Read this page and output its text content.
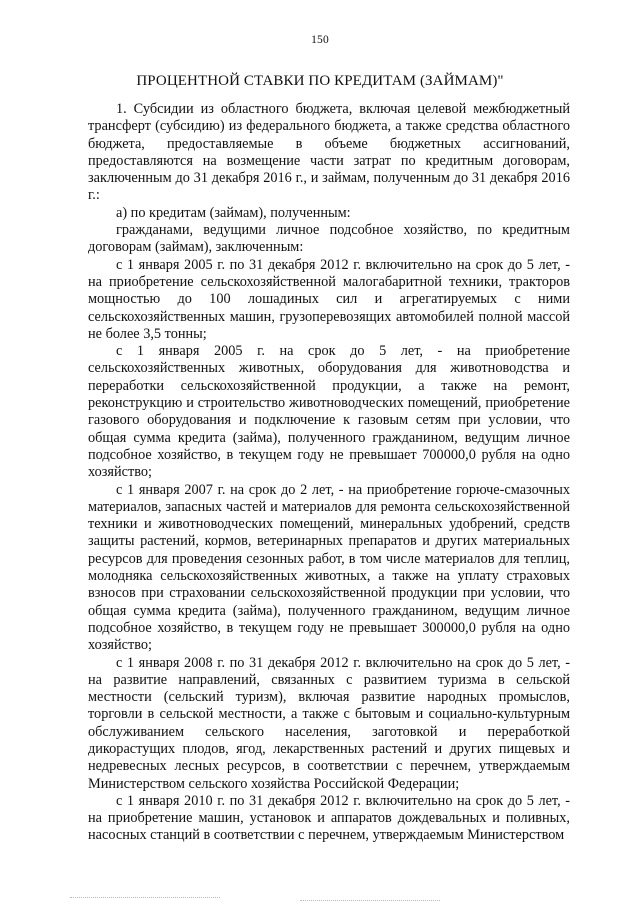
150
ПРОЦЕНТНОЙ СТАВКИ ПО КРЕДИТАМ (ЗАЙМАМ)"

1. Субсидии из областного бюджета, включая целевой межбюджетный трансферт (субсидию) из федерального бюджета, а также средства областного бюджета, предоставляемые в объеме бюджетных ассигнований, предоставляются на возмещение части затрат по кредитным договорам, заключенным до 31 декабря 2016 г., и займам, полученным до 31 декабря 2016 г.:

а) по кредитам (займам), полученным:

гражданами, ведущими личное подсобное хозяйство, по кредитным договорам (займам), заключенным:

с 1 января 2005 г. по 31 декабря 2012 г. включительно на срок до 5 лет, - на приобретение сельскохозяйственной малогабаритной техники, тракторов мощностью до 100 лошадиных сил и агрегатируемых с ними сельскохозяйственных машин, грузоперевозящих автомобилей полной массой не более 3,5 тонны;

с 1 января 2005 г. на срок до 5 лет, - на приобретение сельскохозяйственных животных, оборудования для животноводства и переработки сельскохозяйственной продукции, а также на ремонт, реконструкцию и строительство животноводческих помещений, приобретение газового оборудования и подключение к газовым сетям при условии, что общая сумма кредита (займа), полученного гражданином, ведущим личное подсобное хозяйство, в текущем году не превышает 700000,0 рубля на одно хозяйство;

с 1 января 2007 г. на срок до 2 лет, - на приобретение горюче-смазочных материалов, запасных частей и материалов для ремонта сельскохозяйственной техники и животноводческих помещений, минеральных удобрений, средств защиты растений, кормов, ветеринарных препаратов и других материальных ресурсов для проведения сезонных работ, в том числе материалов для теплиц, молодняка сельскохозяйственных животных, а также на уплату страховых взносов при страховании сельскохозяйственной продукции при условии, что общая сумма кредита (займа), полученного гражданином, ведущим личное подсобное хозяйство, в текущем году не превышает 300000,0 рубля на одно хозяйство;

с 1 января 2008 г. по 31 декабря 2012 г. включительно на срок до 5 лет, - на развитие направлений, связанных с развитием туризма в сельской местности (сельский туризм), включая развитие народных промыслов, торговли в сельской местности, а также с бытовым и социально-культурным обслуживанием сельского населения, заготовкой и переработкой дикорастущих плодов, ягод, лекарственных растений и других пищевых и недревесных лесных ресурсов, в соответствии с перечнем, утверждаемым Министерством сельского хозяйства Российской Федерации;

с 1 января 2010 г. по 31 декабря 2012 г. включительно на срок до 5 лет, - на приобретение машин, установок и аппаратов дождевальных и поливных, насосных станций в соответствии с перечнем, утверждаемым Министерством
